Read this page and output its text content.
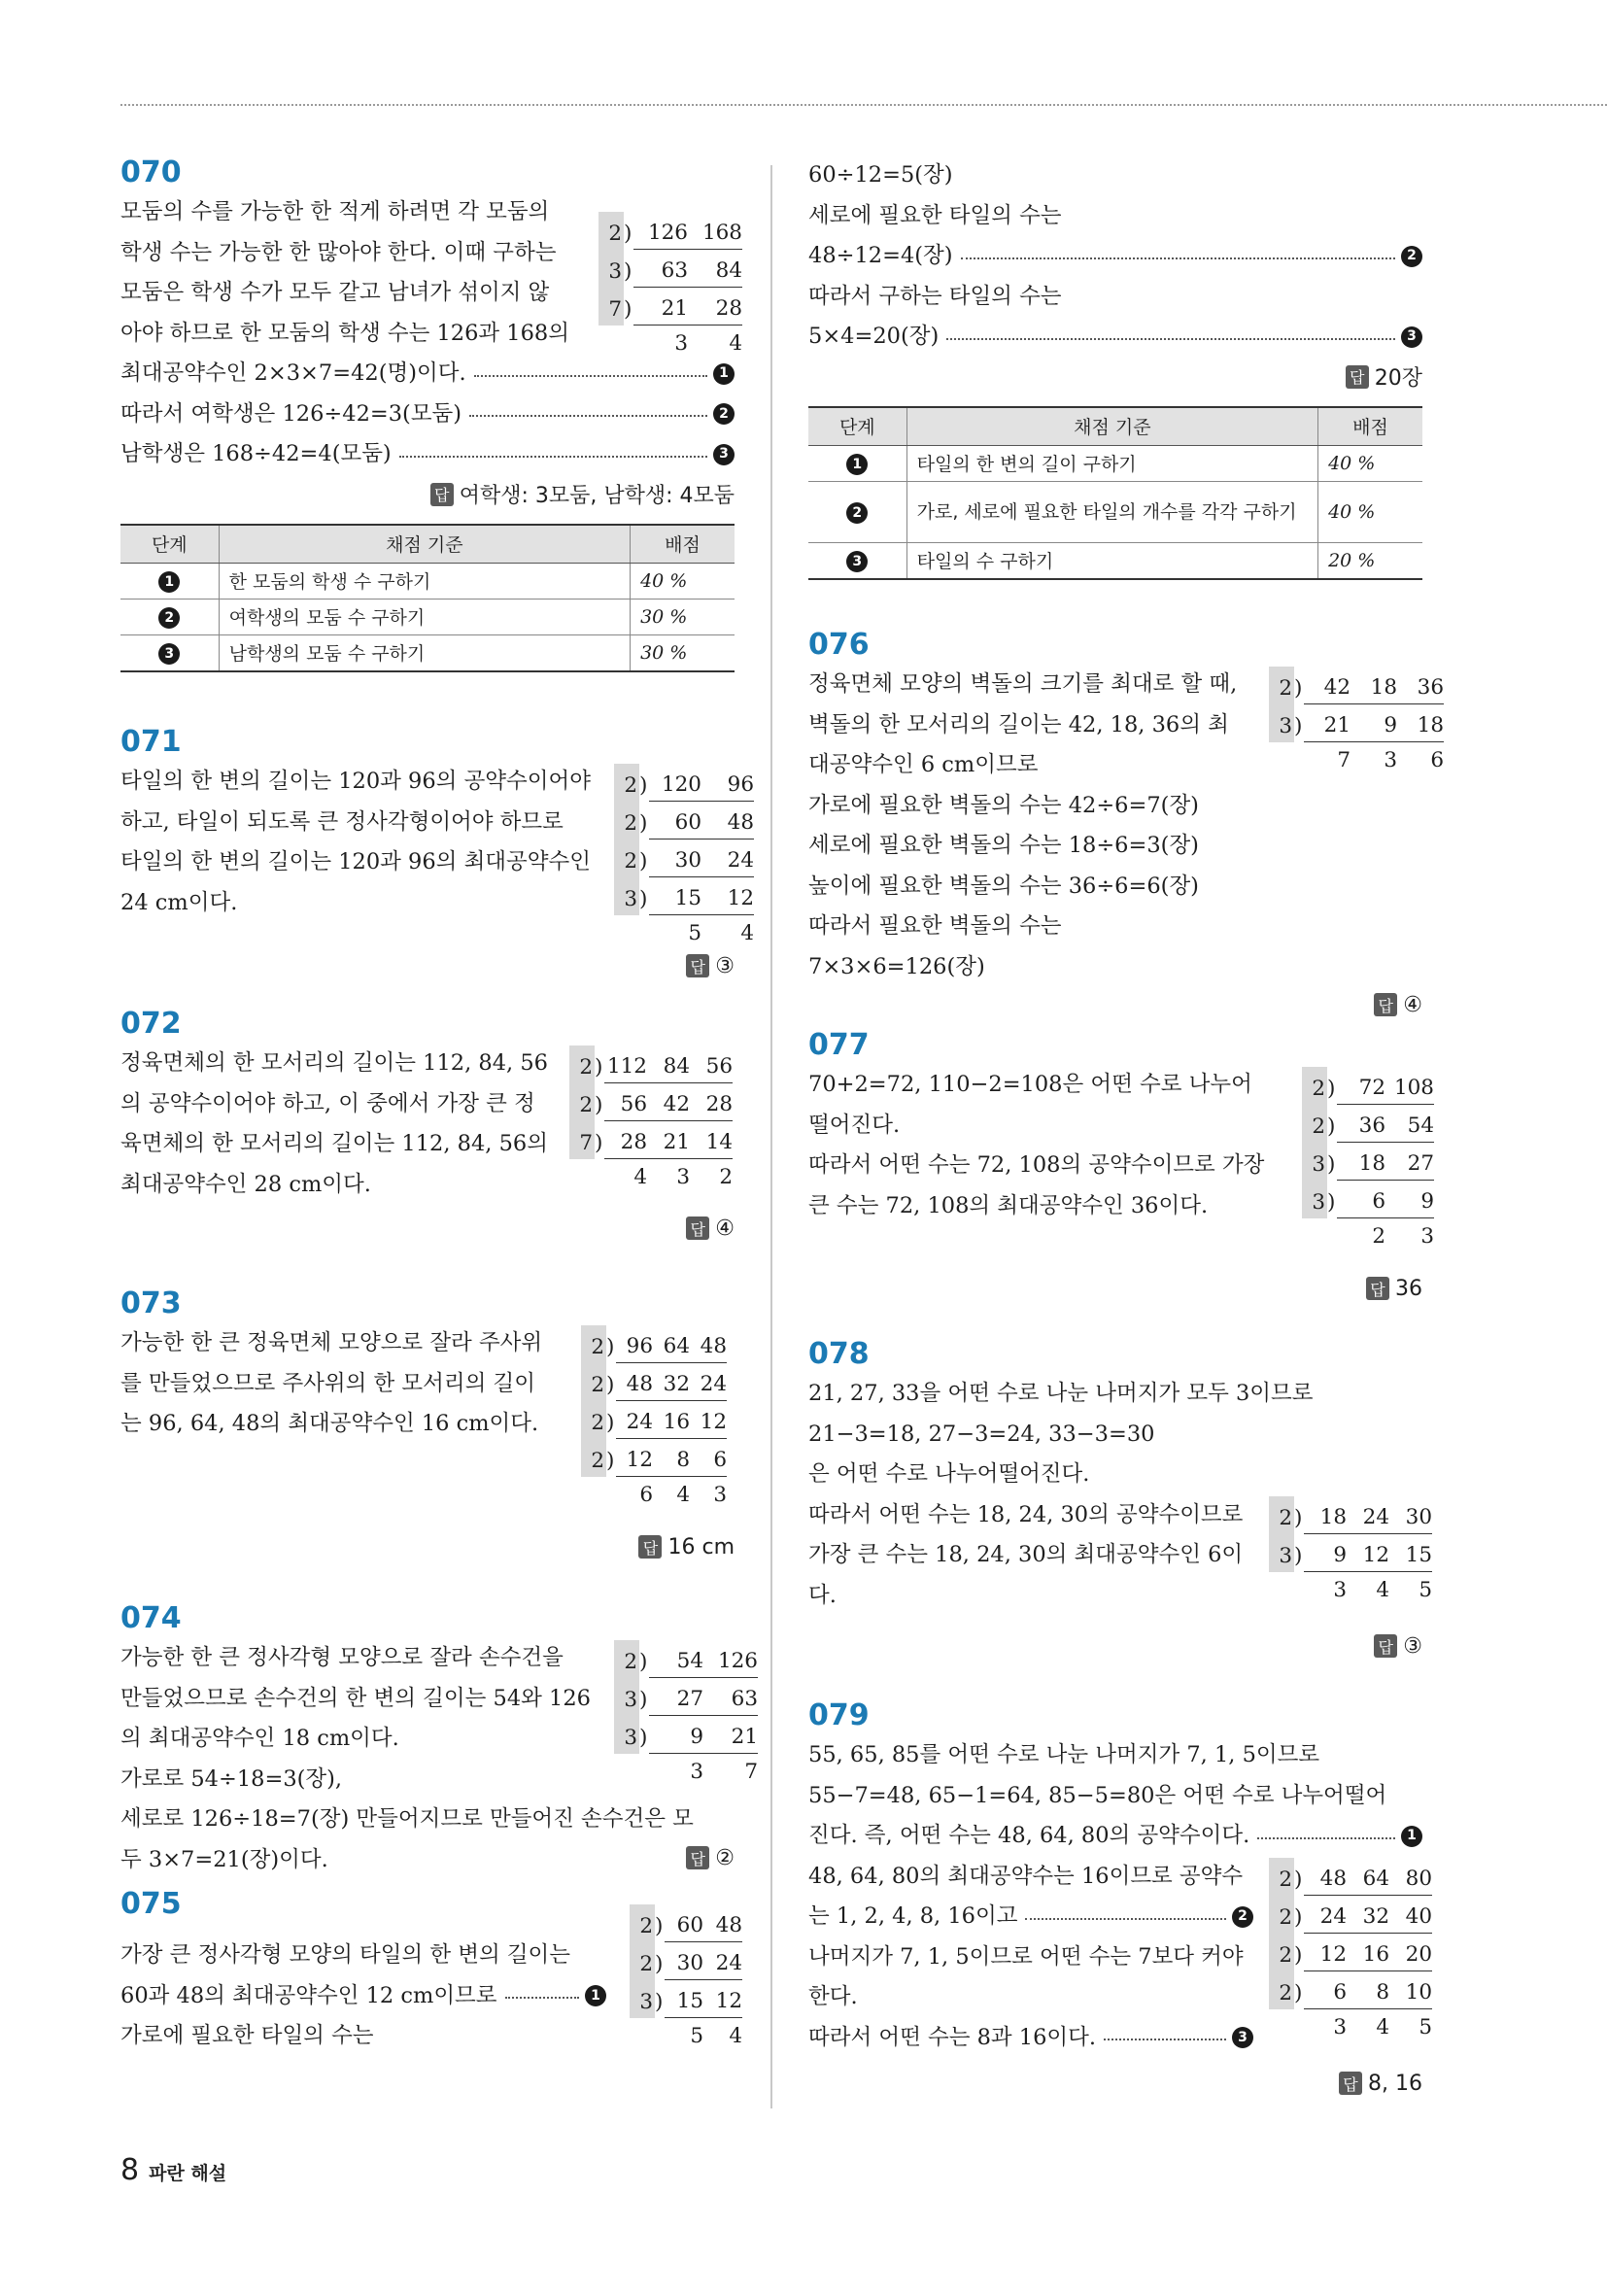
070
모둠의 수를 가능한 한 적게 하려면 각 모둠의
학생 수는 가능한 한 많아야 한다. 이때 구하는
모둠은 학생 수가 모두 같고 남녀가 섞이지 않
아야 하므로 한 모둠의 학생 수는 126과 168의
최대공약수인 2×3×7=42(명)이다.	1
따라서 여학생은 126÷42=3(모둠)	2
남학생은 168÷42=4(모둠)	3
답 여학생: 3모둠, 남학생: 4모둠
단계	채점 기준	배점
1	한 모둠의 학생 수 구하기	40 %
2	여학생의 모둠 수 구하기	30 %
3	남학생의 모둠 수 구하기	30 %
2 ) 126 168
3 )	63	84
7 )	21	28
3	4
071
타일의 한 변의 길이는 120과 96의 공약수이어야
하고, 타일이 되도록 큰 정사각형이어야 하므로
타일의 한 변의 길이는 120과 96의 최대공약수인
24 cm이다.
2 ) 120	96
2 )	60	48
2 )	30	24
3 )	15	12
5	4
답 ③
072
정육면체의 한 모서리의 길이는 112, 84, 56
의 공약수이어야 하고, 이 중에서 가장 큰 정
육면체의 한 모서리의 길이는 112, 84, 56의
최대공약수인 28 cm이다.
2 ) 112 84 56
2 ) 56 42 28
7 ) 28 21 14
4	3	2
답 ④
073
가능한 한 큰 정육면체 모양으로 잘라 주사위
를 만들었으므로 주사위의 한 모서리의 길이
는 96, 64, 48의 최대공약수인 16 cm이다.
2 ) 96 64 48
2 ) 48 32 24
2 ) 24 16 12
2 ) 12	8	6
6	4	3
답 16 cm
074
가능한 한 큰 정사각형 모양으로 잘라 손수건을
만들었으므로 손수건의 한 변의 길이는 54와 126
의 최대공약수인 18 cm이다.
가로로 54÷18=3(장),
세로로 126÷18=7(장) 만들어지므로 만들어진 손수건은 모
두 3×7=21(장)이다.
2 )	54 126
3 )	27	63
3 )	9	21
3	7
답 ②
075
가장 큰 정사각형 모양의 타일의 한 변의 길이는
60과 48의 최대공약수인 12 cm이므로	1
가로에 필요한 타일의 수는
2 ) 60 48
2 ) 30 24
3 ) 15 12
5	4
60÷12=5(장)
세로에 필요한 타일의 수는
48÷12=4(장)	2
따라서 구하는 타일의 수는
5×4=20(장)	3
답 20장
단계	채점 기준	배점
1	타일의 한 변의 길이 구하기	40 %
2	가로, 세로에 필요한 타일의 개수를 각각 구하기	40 %
3	타일의 수 구하기	20 %
076
정육면체 모양의 벽돌의 크기를 최대로 할 때,
벽돌의 한 모서리의 길이는 42, 18, 36의 최
대공약수인 6 cm이므로
가로에 필요한 벽돌의 수는 42÷6=7(장)
세로에 필요한 벽돌의 수는 18÷6=3(장)
높이에 필요한 벽돌의 수는 36÷6=6(장)
따라서 필요한 벽돌의 수는
7×3×6=126(장)
2 )	42 18 36
3 )	21	9 18
7	3	6
답 ④
077
70+2=72, 110−2=108은 어떤 수로 나누어
떨어진다.
따라서 어떤 수는 72, 108의 공약수이므로 가장
큰 수는 72, 108의 최대공약수인 36이다.
2 )	72 108
2 )	36	54
3 )	18	27
3 )	6	9
2	3
답 36
078
21, 27, 33을 어떤 수로 나눈 나머지가 모두 3이므로
21−3=18, 27−3=24, 33−3=30
은 어떤 수로 나누어떨어진다.
따라서 어떤 수는 18, 24, 30의 공약수이므로
가장 큰 수는 18, 24, 30의 최대공약수인 6이
다.
2 ) 18 24 30
3 )	9 12 15
3	4	5
답 ③
079
55, 65, 85를 어떤 수로 나눈 나머지가 7, 1, 5이므로
55−7=48, 65−1=64, 85−5=80은 어떤 수로 나누어떨어
진다. 즉, 어떤 수는 48, 64, 80의 공약수이다.	1
48, 64, 80의 최대공약수는 16이므로 공약수
는 1, 2, 4, 8, 16이고	2
나머지가 7, 1, 5이므로 어떤 수는 7보다 커야
한다.
따라서 어떤 수는 8과 16이다.	3
2 ) 48 64 80
2 ) 24 32 40
2 ) 12 16 20
2 )	6	8 10
3	4	5
답 8, 16
8 파란 해설
